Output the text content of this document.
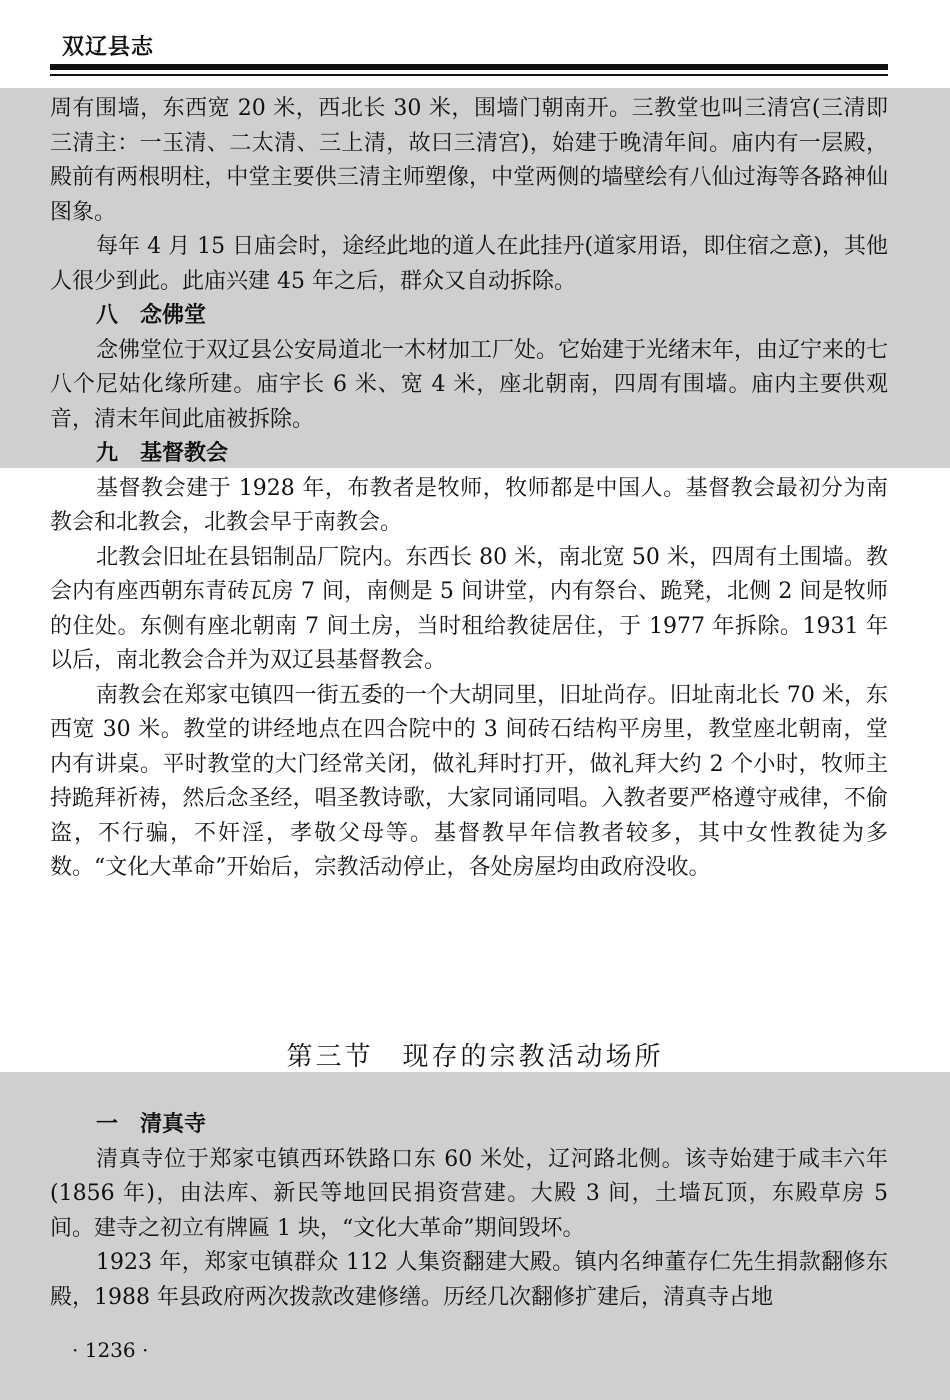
双辽县志

周有围墙，东西宽 20 米，西北长 30 米，围墙门朝南开。三教堂也叫三清宫(三清即三清主：一玉清、二太清、三上清，故曰三清宫)，始建于晚清年间。庙内有一层殿，殿前有两根明柱，中堂主要供三清主师塑像，中堂两侧的墙壁绘有八仙过海等各路神仙图象。

每年 4 月 15 日庙会时，途经此地的道人在此挂丹(道家用语，即住宿之意)，其他人很少到此。此庙兴建 45 年之后，群众又自动拆除。

八　念佛堂

念佛堂位于双辽县公安局道北一木材加工厂处。它始建于光绪末年，由辽宁来的七八个尼姑化缘所建。庙宇长 6 米、宽 4 米，座北朝南，四周有围墙。庙内主要供观音，清末年间此庙被拆除。

九　基督教会

基督教会建于 1928 年，布教者是牧师，牧师都是中国人。基督教会最初分为南教会和北教会，北教会早于南教会。

北教会旧址在县铝制品厂院内。东西长 80 米，南北宽 50 米，四周有土围墙。教会内有座西朝东青砖瓦房 7 间，南侧是 5 间讲堂，内有祭台、跪凳，北侧 2 间是牧师的住处。东侧有座北朝南 7 间土房，当时租给教徒居住，于 1977 年拆除。1931 年以后，南北教会合并为双辽县基督教会。

南教会在郑家屯镇四一街五委的一个大胡同里，旧址尚存。旧址南北长 70 米，东西宽 30 米。教堂的讲经地点在四合院中的 3 间砖石结构平房里，教堂座北朝南，堂内有讲桌。平时教堂的大门经常关闭，做礼拜时打开，做礼拜大约 2 个小时，牧师主持跪拜祈祷，然后念圣经，唱圣教诗歌，大家同诵同唱。入教者要严格遵守戒律，不偷盗，不行骗，不奸淫，孝敬父母等。基督教早年信教者较多，其中女性教徒为多数。“文化大革命”开始后，宗教活动停止，各处房屋均由政府没收。

第三节　现存的宗教活动场所

一　清真寺

清真寺位于郑家屯镇西环铁路口东 60 米处，辽河路北侧。该寺始建于咸丰六年(1856 年)，由法库、新民等地回民捐资营建。大殿 3 间，土墙瓦顶，东殿草房 5 间。建寺之初立有牌匾 1 块，“文化大革命”期间毁坏。

1923 年，郑家屯镇群众 112 人集资翻建大殿。镇内名绅董存仁先生捐款翻修东殿，1988 年县政府两次拨款改建修缮。历经几次翻修扩建后，清真寺占地

· 1236 ·
